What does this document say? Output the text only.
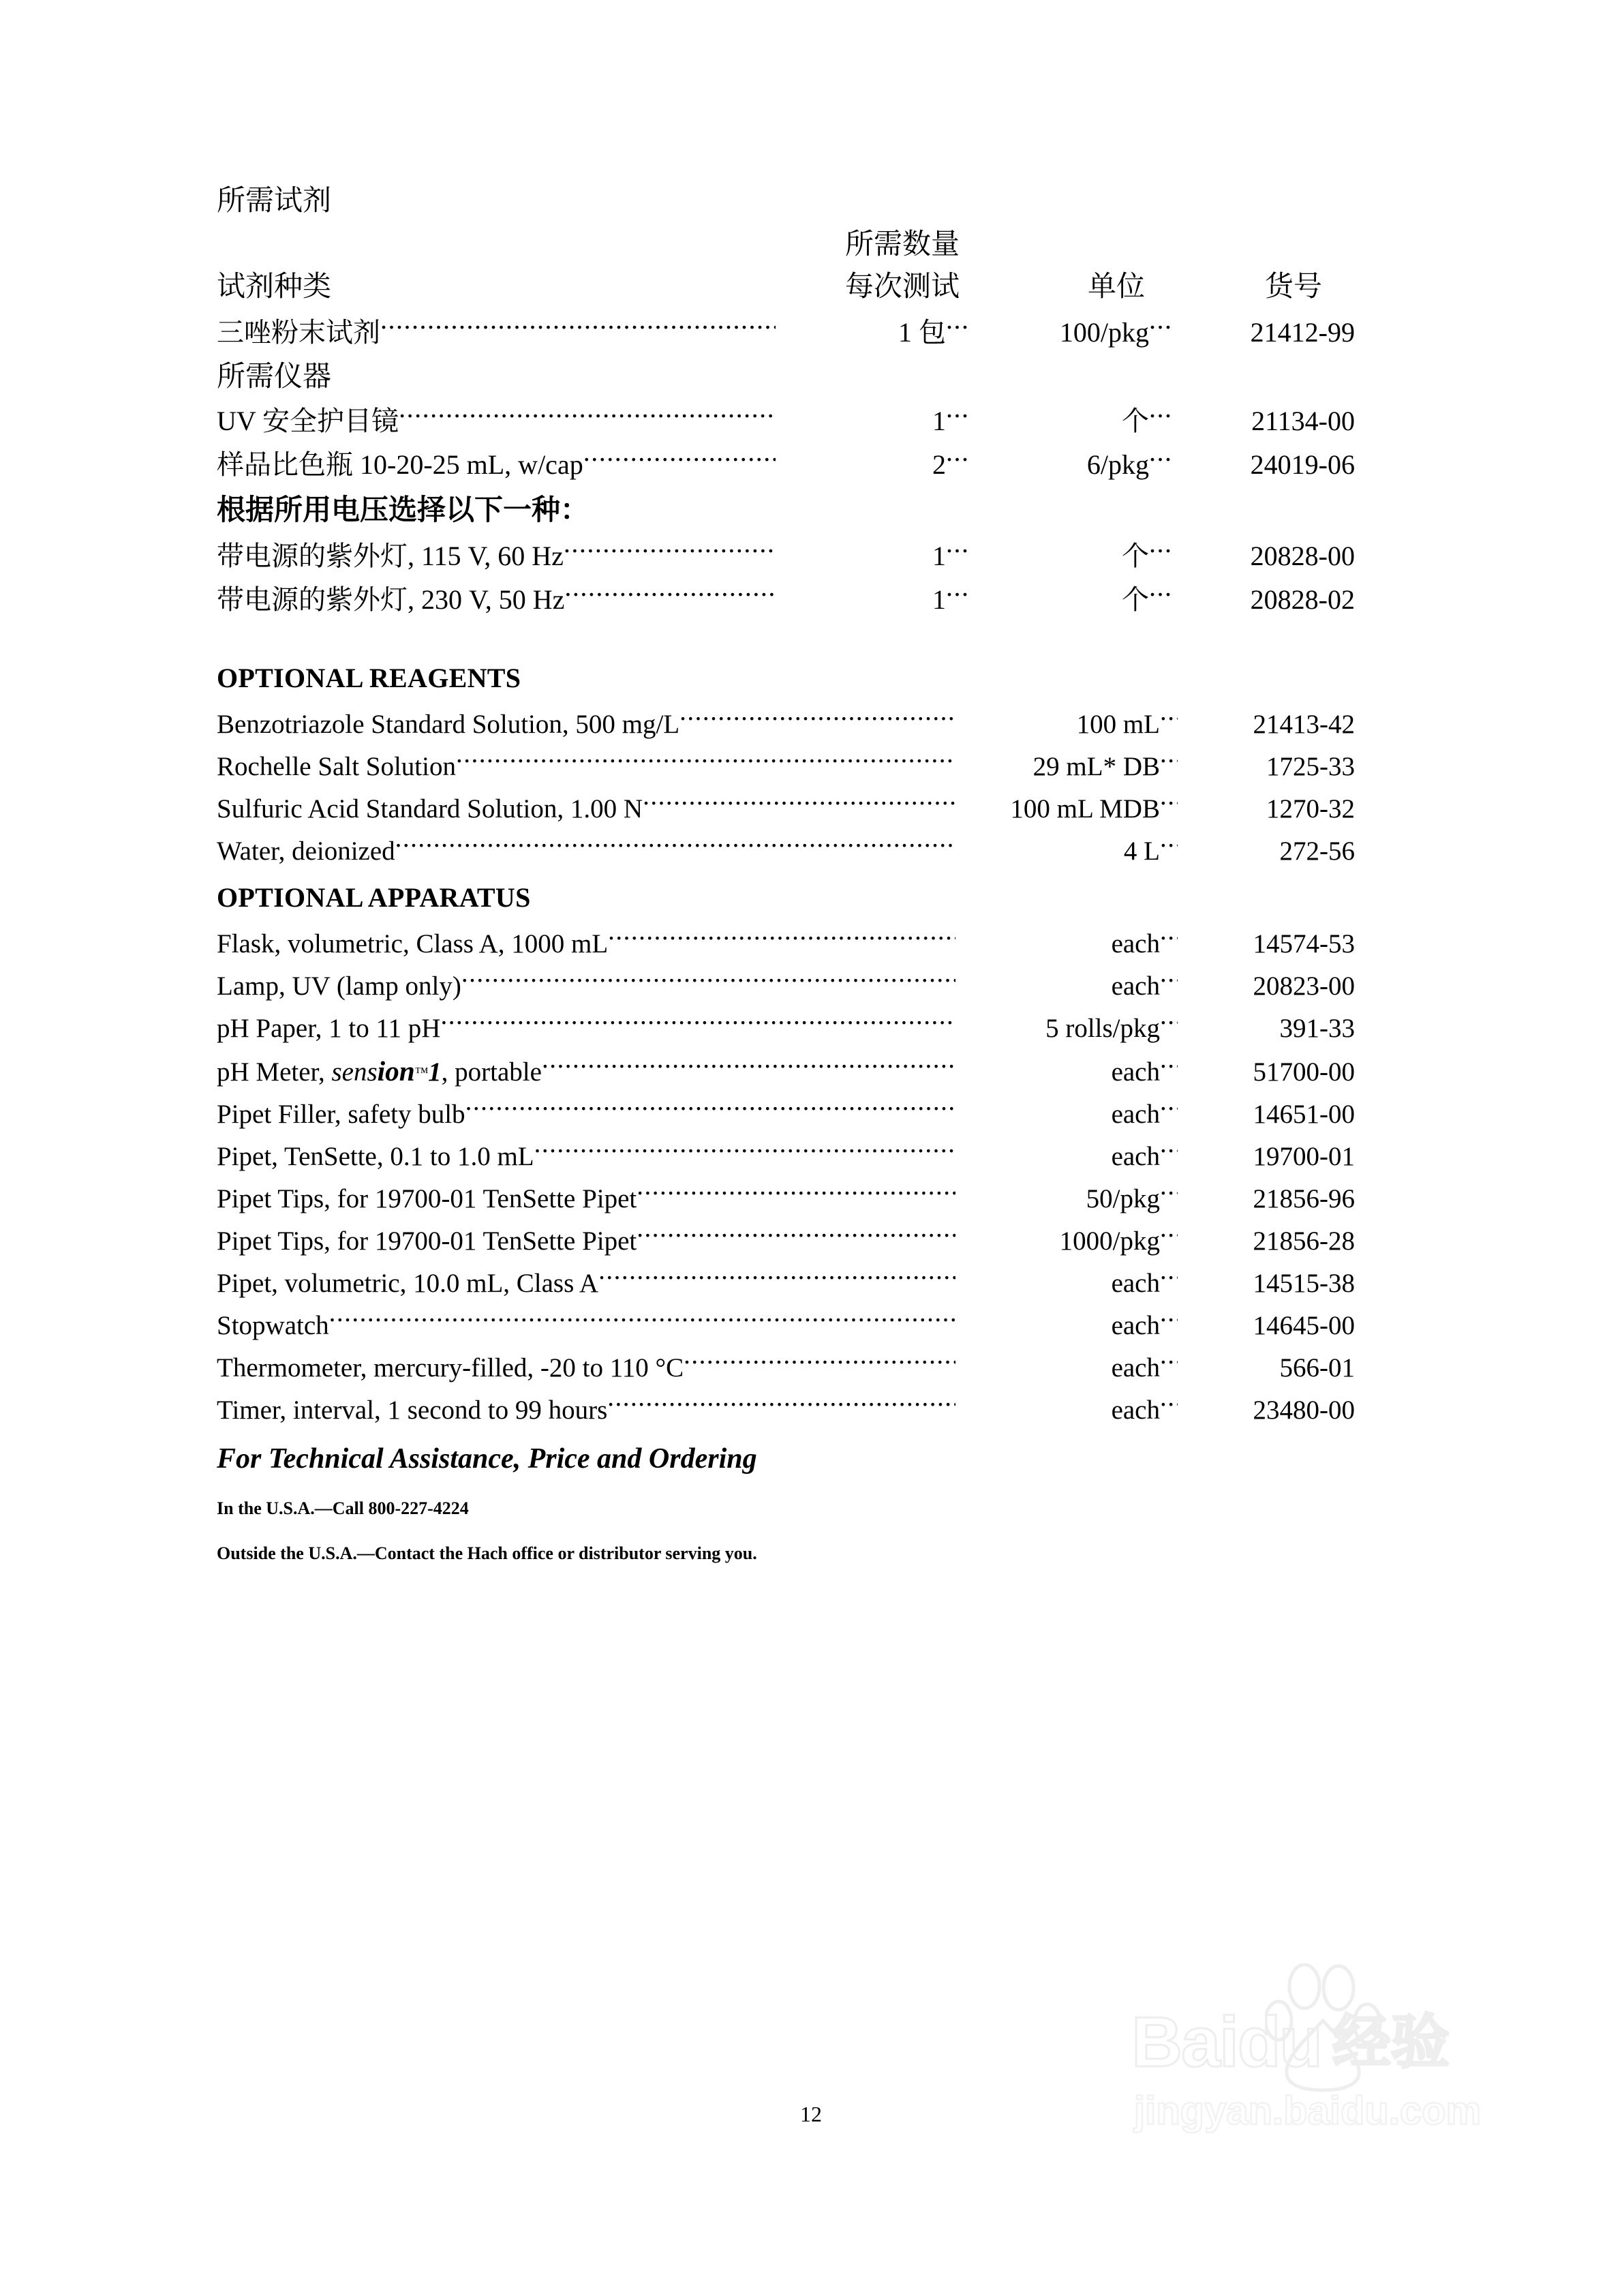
所需试剂
所需数量
试剂种类	每次测试	单位	货号
三唑粉末试剂 .....	1 包 .....	100/pkg .....	21412-99
所需仪器
UV 安全护目镜 .....	1 .....	个 .....	21134-00
样品比色瓶 10-20-25 mL, w/cap .....	2 .....	6/pkg .....	24019-06
根据所用电压选择以下一种：
带电源的紫外灯, 115 V, 60 Hz .....	1 .....	个 .....	20828-00
带电源的紫外灯, 230 V, 50 Hz .....	1 .....	个 .....	20828-02
OPTIONAL REAGENTS
Benzotriazole Standard Solution, 500 mg/L .....	100 mL .....	21413-42
Rochelle Salt Solution .....	29 mL* DB .....	1725-33
Sulfuric Acid Standard Solution, 1.00 N .....	100 mL MDB .....	1270-32
Water, deionized .....	4 L .....	272-56
OPTIONAL APPARATUS
Flask, volumetric, Class A, 1000 mL .....	each .....	14574-53
Lamp, UV (lamp only) .....	each .....	20823-00
pH Paper, 1 to 11 pH .....	5 rolls/pkg .....	391-33
pH Meter, sension™1, portable .....	each .....	51700-00
Pipet Filler, safety bulb .....	each .....	14651-00
Pipet, TenSette, 0.1 to 1.0 mL .....	each .....	19700-01
Pipet Tips, for 19700-01 TenSette Pipet .....	50/pkg .....	21856-96
Pipet Tips, for 19700-01 TenSette Pipet .....	1000/pkg .....	21856-28
Pipet, volumetric, 10.0 mL, Class A .....	each .....	14515-38
Stopwatch .....	each .....	14645-00
Thermometer, mercury-filled, -20 to 110 °C .....	each .....	566-01
Timer, interval, 1 second to 99 hours .....	each .....	23480-00
For Technical Assistance, Price and Ordering
In the U.S.A.—Call 800-227-4224
Outside the U.S.A.—Contact the Hach office or distributor serving you.
12
Baidu 经验
jingyan.baidu.com
